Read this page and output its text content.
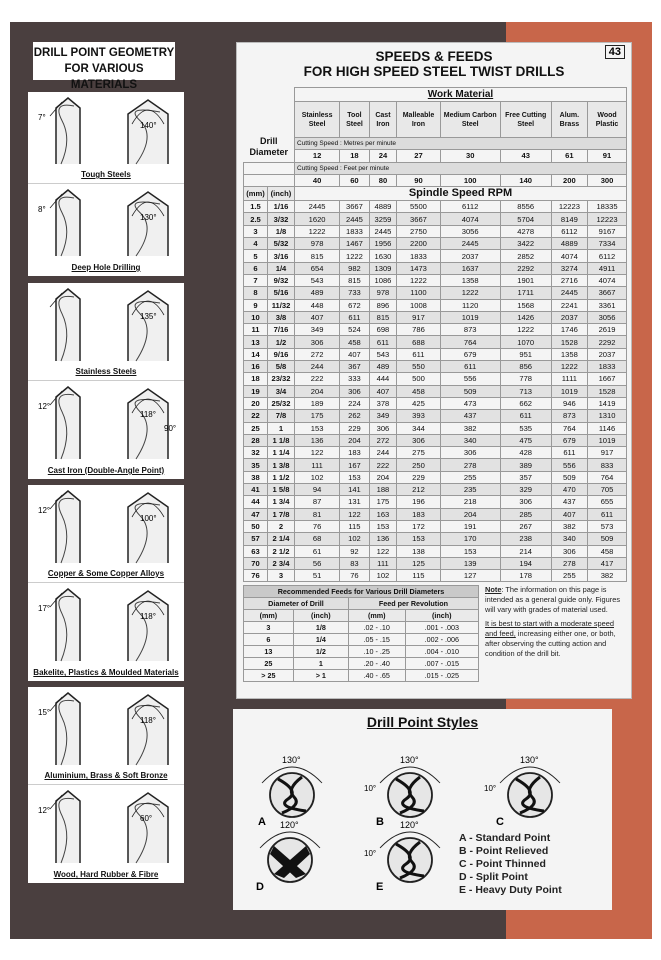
DRILL POINT GEOMETRY FOR VARIOUS MATERIALS
7°
140°
Tough Steels
8°
130°
Deep Hole Drilling
135°
Stainless Steels
12°
118°
90°
Cast Iron (Double-Angle Point)
12°
100°
Copper & Some Copper Alloys
17°
118°
Bakelite, Plastics & Moulded Materials
15°
118°
Aluminium, Brass & Soft Bronze
12°
60°
Wood, Hard Rubber & Fibre
43
SPEEDS & FEEDS
FOR HIGH SPEED STEEL TWIST DRILLS
Drill Diameter		Work Material							
		Stainless Steel	Tool Steel	Cast Iron	Malleable Iron	Medium Carbon Steel	Free Cutting Steel	Alum. Brass	Wood Plastic
		Cutting Speed : Metres per minute							
		12	18	24	27	30	43	61	91
		Cutting Speed : Feet per minute							
		40	60	80	90	100	140	200	300
(mm)	(inch)	Spindle Speed RPM							
1.5	1/16	2445	3667	4889	5500	6112	8556	12223	18335
2.5	3/32	1620	2445	3259	3667	4074	5704	8149	12223
3	1/8	1222	1833	2445	2750	3056	4278	6112	9167
4	5/32	978	1467	1956	2200	2445	3422	4889	7334
5	3/16	815	1222	1630	1833	2037	2852	4074	6112
6	1/4	654	982	1309	1473	1637	2292	3274	4911
7	9/32	543	815	1086	1222	1358	1901	2716	4074
8	5/16	489	733	978	1100	1222	1711	2445	3667
9	11/32	448	672	896	1008	1120	1568	2241	3361
10	3/8	407	611	815	917	1019	1426	2037	3056
11	7/16	349	524	698	786	873	1222	1746	2619
13	1/2	306	458	611	688	764	1070	1528	2292
14	9/16	272	407	543	611	679	951	1358	2037
16	5/8	244	367	489	550	611	856	1222	1833
18	23/32	222	333	444	500	556	778	1111	1667
19	3/4	204	306	407	458	509	713	1019	1528
20	25/32	189	224	378	425	473	662	946	1419
22	7/8	175	262	349	393	437	611	873	1310
25	1	153	229	306	344	382	535	764	1146
28	1 1/8	136	204	272	306	340	475	679	1019
32	1 1/4	122	183	244	275	306	428	611	917
35	1 3/8	111	167	222	250	278	389	556	833
38	1 1/2	102	153	204	229	255	357	509	764
41	1 5/8	94	141	188	212	235	329	470	705
44	1 3/4	87	131	175	196	218	306	437	655
47	1 7/8	81	122	163	183	204	285	407	611
50	2	76	115	153	172	191	267	382	573
57	2 1/4	68	102	136	153	170	238	340	509
63	2 1/2	61	92	122	138	153	214	306	458
70	2 3/4	56	83	111	125	139	194	278	417
76	3	51	76	102	115	127	178	255	382
Recommended Feeds for Various Drill Diameters			
Diameter of Drill		Feed per Revolution	
(mm)	(inch)	(mm)	(inch)
3	1/8	.02 - .10	.001 - .003
6	1/4	.05 - .15	.002 - .006
13	1/2	.10 - .25	.004 - .010
25	1	.20 - .40	.007 - .015
> 25	> 1	.40 - .65	.015 - .025

Note: The information on this page is intended as a general guide only. Figures will vary with grades of material used.

It is best to start with a moderate speed and feed, increasing either one, or both, after observing the cutting action and condition of the drill bit.

Drill Point Styles
130°
A
130°
10°
B
130°
10°
C
120°
D
120°
10°
E
A - Standard Point
B - Point Relieved
C - Point Thinned
D - Split Point
E - Heavy Duty Point
